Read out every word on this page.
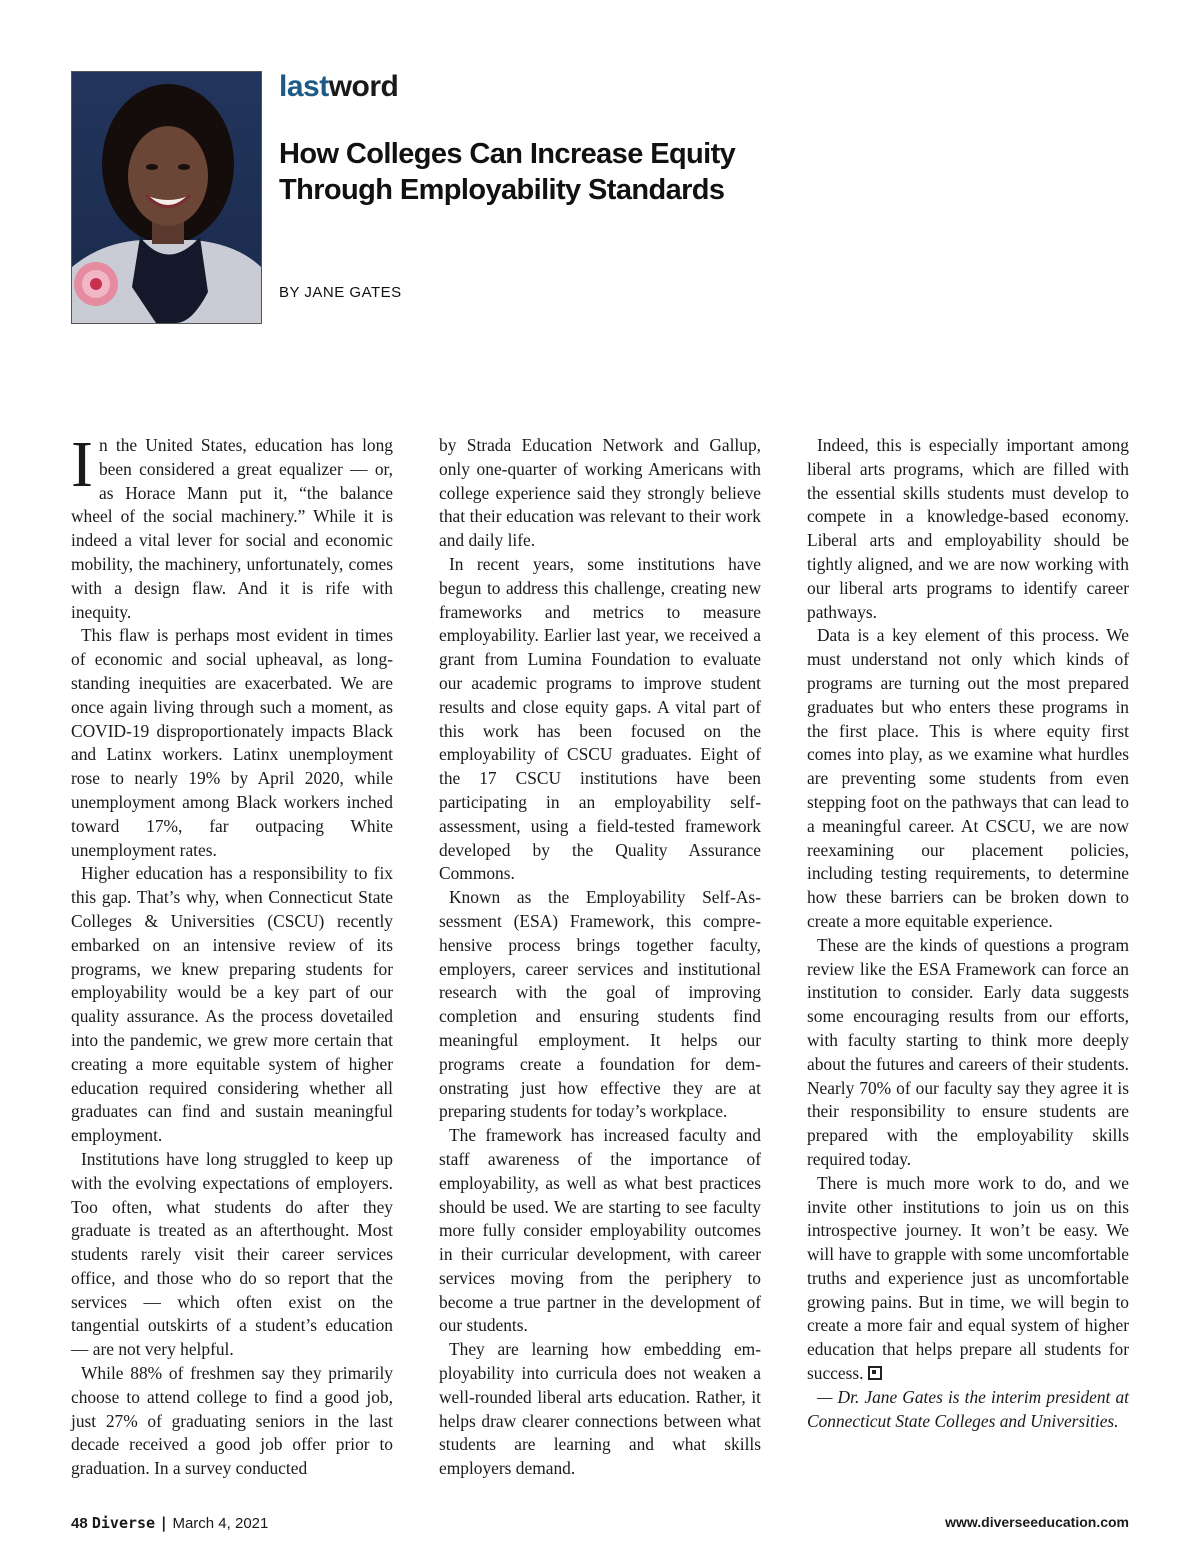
lastword
How Colleges Can Increase Equity
Through Employability Standards
BY JANE GATES

In the United States, education has long been considered a great equalizer — or, as Horace Mann put it, “the balance wheel of the social machinery.” While it is indeed a vital lever for social and economic mobility, the machinery, unfortunately, comes with a design flaw. And it is rife with inequity.

This flaw is perhaps most evident in times of economic and social upheaval, as long-standing inequities are exacerbated. We are once again living through such a moment, as COVID-19 disproportionately impacts Black and Latinx workers. Latinx unemployment rose to nearly 19% by April 2020, while unemployment among Black workers inched toward 17%, far outpacing White unemployment rates.

Higher education has a responsibility to fix this gap. That’s why, when Connecticut State Colleges & Universities (CSCU) recently embarked on an intensive review of its programs, we knew preparing students for employability would be a key part of our quality assurance. As the process dovetailed into the pandemic, we grew more certain that creating a more equitable system of higher education required considering whether all graduates can find and sustain meaningful employment.

Institutions have long struggled to keep up with the evolving expectations of employers. Too often, what students do after they graduate is treated as an afterthought. Most students rarely visit their career services office, and those who do so report that the services — which often exist on the tangential outskirts of a student’s education — are not very helpful.

While 88% of freshmen say they primarily choose to attend college to find a good job, just 27% of graduating seniors in the last decade received a good job offer prior to graduation. In a survey conducted

by Strada Education Network and Gallup, only one-quarter of working Americans with college experience said they strongly believe that their education was relevant to their work and daily life.

In recent years, some institutions have begun to address this challenge, creating new frameworks and metrics to measure employability. Earlier last year, we received a grant from Lumina Foundation to evaluate our academic programs to improve student results and close equity gaps. A vital part of this work has been focused on the employability of CSCU graduates. Eight of the 17 CSCU institutions have been participating in an employability self-assessment, using a field-tested framework developed by the Quality Assurance Commons.

Known as the Employability Self-Assessment (ESA) Framework, this comprehensive process brings together faculty, employers, career services and institutional research with the goal of improving completion and ensuring students find meaningful employment. It helps our programs create a foundation for demonstrating just how effective they are at preparing students for today’s workplace.

The framework has increased faculty and staff awareness of the importance of employability, as well as what best practices should be used. We are starting to see faculty more fully consider employability outcomes in their curricular development, with career services moving from the periphery to become a true partner in the development of our students.

They are learning how embedding employability into curricula does not weaken a well-rounded liberal arts education. Rather, it helps draw clearer connections between what students are learning and what skills employers demand.

Indeed, this is especially important among liberal arts programs, which are filled with the essential skills students must develop to compete in a knowledge-based economy. Liberal arts and employability should be tightly aligned, and we are now working with our liberal arts programs to identify career pathways.

Data is a key element of this process. We must understand not only which kinds of programs are turning out the most prepared graduates but who enters these programs in the first place. This is where equity first comes into play, as we examine what hurdles are preventing some students from even stepping foot on the pathways that can lead to a meaningful career. At CSCU, we are now reexamining our placement policies, including testing requirements, to determine how these barriers can be broken down to create a more equitable experience.

These are the kinds of questions a program review like the ESA Framework can force an institution to consider. Early data suggests some encouraging results from our efforts, with faculty starting to think more deeply about the futures and careers of their students. Nearly 70% of our faculty say they agree it is their responsibility to ensure students are prepared with the employability skills required today.

There is much more work to do, and we invite other institutions to join us on this introspective journey. It won’t be easy. We will have to grapple with some uncomfortable truths and experience just as uncomfortable growing pains. But in time, we will begin to create a more fair and equal system of higher education that helps prepare all students for success.

— Dr. Jane Gates is the interim president at Connecticut State Colleges and Universities.

48 Diverse | March 4, 2021	www.diverseeducation.com
